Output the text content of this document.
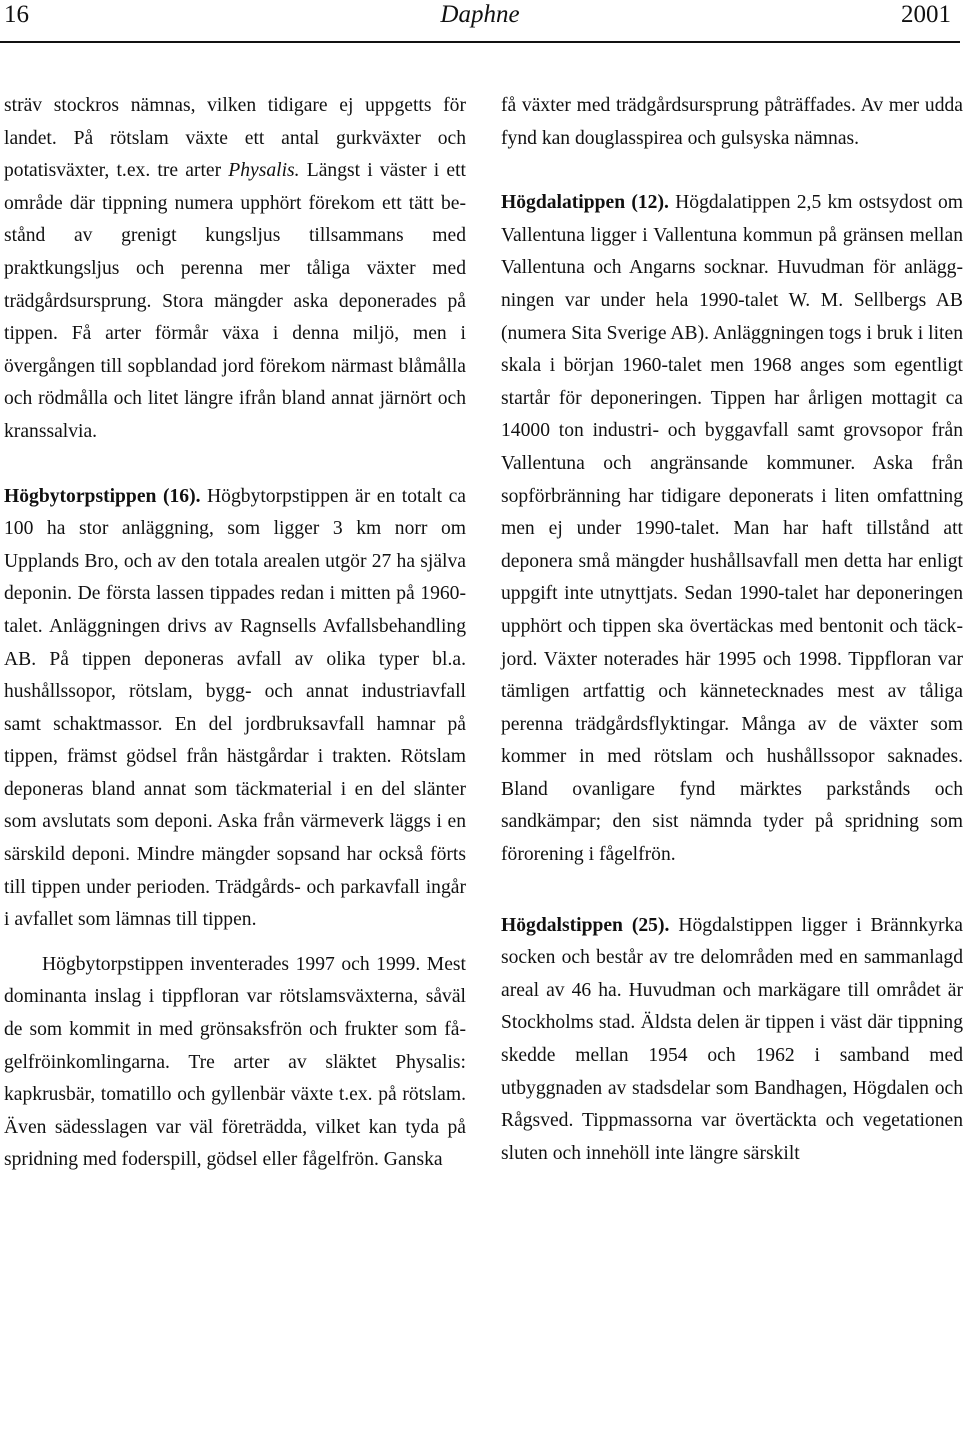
16	Daphne	2001

sträv stockros nämnas, vilken tidigare ej uppgetts för landet. På rötslam växte ett antal gurkväxter och potatisväxter, t.ex. tre arter Physalis. Längst i väster i ett område där tippning numera upphört förekom ett tätt bestånd av grenigt kungsljus tillsammans med praktkungsljus och perenna mer tåliga växter med trädgårdsursprung. Stora mängder aska deponerades på tippen. Få arter förmår växa i denna miljö, men i övergången till sopblandad jord förekom närmast blåmålla och rödmålla och litet längre ifrån bland annat järnört och kranssalvia.

Högbytorpstippen (16). Högbytorpstippen är en totalt ca 100 ha stor anläggning, som ligger 3 km norr om Upplands Bro, och av den totala arealen utgör 27 ha själva deponin. De första lassen tippades redan i mitten på 1960-talet. Anläggningen drivs av Ragnsells Avfallsbehandling AB. På tippen deponeras avfall av olika typer bl.a. hushållssopor, rötslam, bygg- och annat industriavfall samt schaktmassor. En del jordbruksavfall hamnar på tippen, främst gödsel från hästgårdar i trakten. Rötslam deponeras bland annat som täckmaterial i en del slänter som avslutats som deponi. Aska från värmeverk läggs i en särskild deponi. Mindre mängder sopsand har också förts till tippen under perioden. Trädgårds- och parkavfall ingår i avfallet som lämnas till tippen.

Högbytorpstippen inventerades 1997 och 1999. Mest dominanta inslag i tippfloran var rötslamsväxterna, såväl de som kommit in med grönsaksfrön och frukter som fågelfröinkomlingarna. Tre arter av släktet Physalis: kapkrusbär, tomatillo och gyllenbär växte t.ex. på rötslam. Även sädesslagen var väl företrädda, vilket kan tyda på spridning med foderspill, gödsel eller fågelfrön. Ganska

få växter med trädgårdsursprung påträffades. Av mer udda fynd kan douglasspirea och gulsyska nämnas.

Högdalatippen (12). Högdalatippen 2,5 km ostsydost om Vallentuna ligger i Vallentuna kommun på gränsen mellan Vallentuna och Angarns socknar. Huvudman för anläggningen var under hela 1990-talet W. M. Sellbergs AB (numera Sita Sverige AB). Anläggningen togs i bruk i liten skala i början 1960-talet men 1968 anges som egentligt startår för deponeringen. Tippen har årligen mottagit ca 14000 ton industri- och byggavfall samt grovsopor från Vallentuna och angränsande kommuner. Aska från sopförbränning har tidigare deponerats i liten omfattning men ej under 1990-talet. Man har haft tillstånd att deponera små mängder hushållsavfall men detta har enligt uppgift inte utnyttjats. Sedan 1990-talet har deponeringen upphört och tippen ska övertäckas med bentonit och täckjord. Växter noterades här 1995 och 1998. Tippfloran var tämligen artfattig och kännetecknades mest av tåliga perenna trädgårdsflyktingar. Många av de växter som kommer in med rötslam och hushållssopor saknades. Bland ovanligare fynd märktes parkstånds och sandkämpar; den sist nämnda tyder på spridning som förorening i fågelfrön.

Högdalstippen (25). Högdalstippen ligger i Brännkyrka socken och består av tre delområden med en sammanlagd areal av 46 ha. Huvudman och markägare till området är Stockholms stad. Äldsta delen är tippen i väst där tippning skedde mellan 1954 och 1962 i samband med utbyggnaden av stadsdelar som Bandhagen, Högdalen och Rågsved. Tippmassorna var övertäckta och vegetationen sluten och innehöll inte längre särskilt
